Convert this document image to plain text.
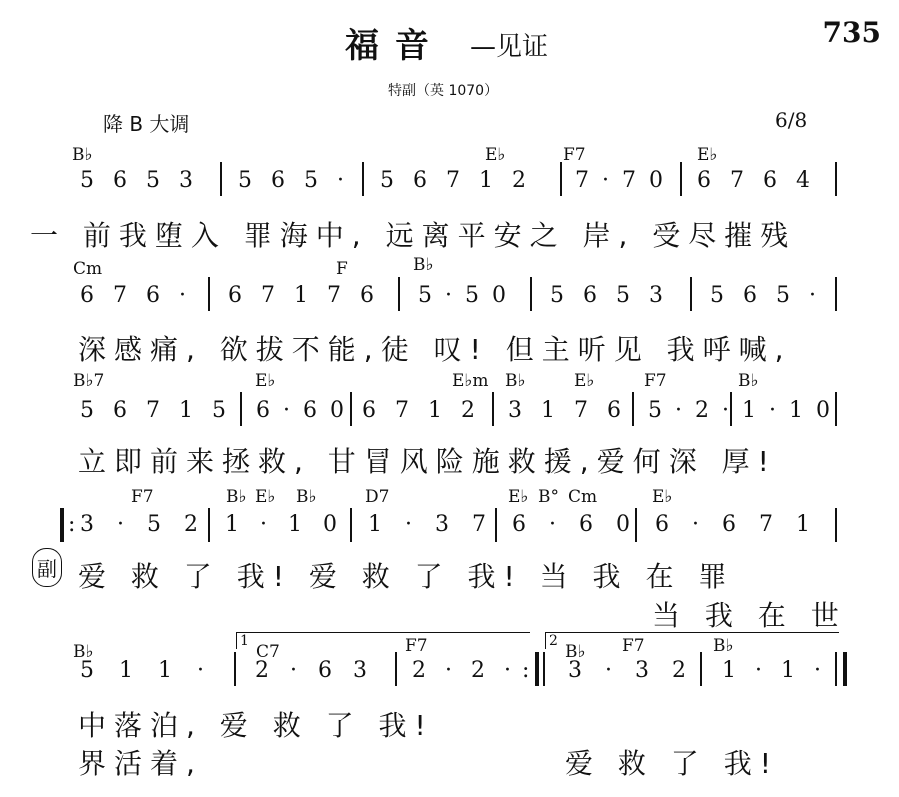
福 音 —见证	735
特副（英 1070）
降 B 大调	6/8
B♭	E♭	F7	E♭
5 6 5 3 5 6 5 · 5 6 7 1 2 7 · 7 0 6 7 6 4
一 前我堕入 罪海中, 远离平安之 岸, 受尽摧残
Cm	F	B♭
6 7 6 · 6 7 1 7 6 5 · 5 0 5 6 5 3 5 6 5 ·
深感痛, 欲拔不能,徒 叹! 但主听见 我呼喊,
B♭7	E♭	E♭m B♭	E♭	F7	B♭
5 6 7 1 5 6 · 6 0 6 7 1 2 3 1 7 6 5 · 2 · 1 · 1 0
立即前来拯救, 甘冒风险施救援,爱何深 厚!
F7	B♭ E♭ B♭	D7	E♭ B° Cm	E♭
: 3 · 5 2 1 · 1 0 1 · 3 7 6 · 6 0 6 · 6 7 1
副 爱 救 了 我! 爱 救 了 我! 当 我 在 罪
当 我 在 世
1	2
B♭	C7	F7	B♭ F7	B♭
5 1 1 · 2 · 6 3 2 · 2 · : 3 · 3 2 1 · 1 ·
中落泊, 爱 救 了 我!
界活着,	爱 救 了 我!
